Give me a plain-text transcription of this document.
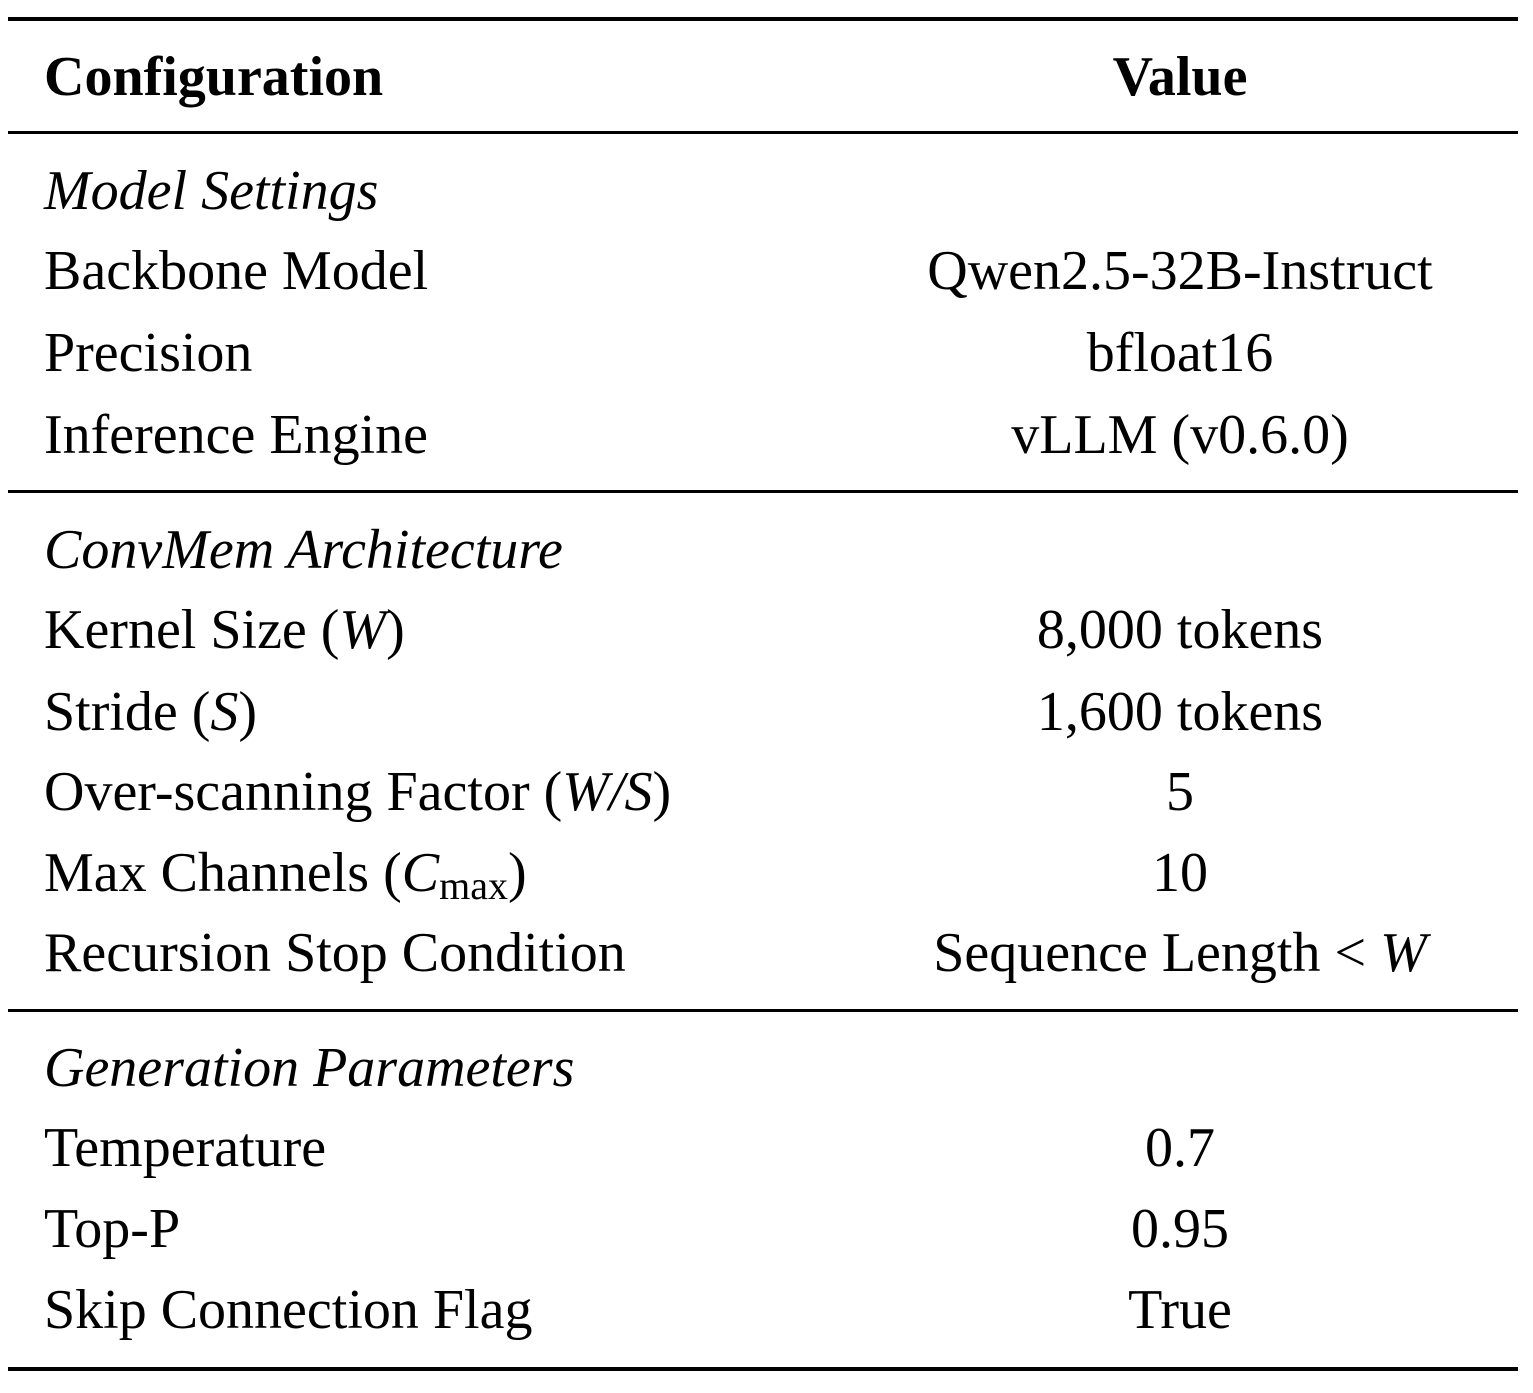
Configuration	Value
Model Settings
Backbone Model	Qwen2.5-32B-Instruct
Precision	bfloat16
Inference Engine	vLLM (v0.6.0)
ConvMem Architecture
Kernel Size (W)	8,000 tokens
Stride (S)	1,600 tokens
Over-scanning Factor (W/S)	5
Max Channels (Cmax)	10
Recursion Stop Condition	Sequence Length < W
Generation Parameters
Temperature	0.7
Top-P	0.95
Skip Connection Flag	True
